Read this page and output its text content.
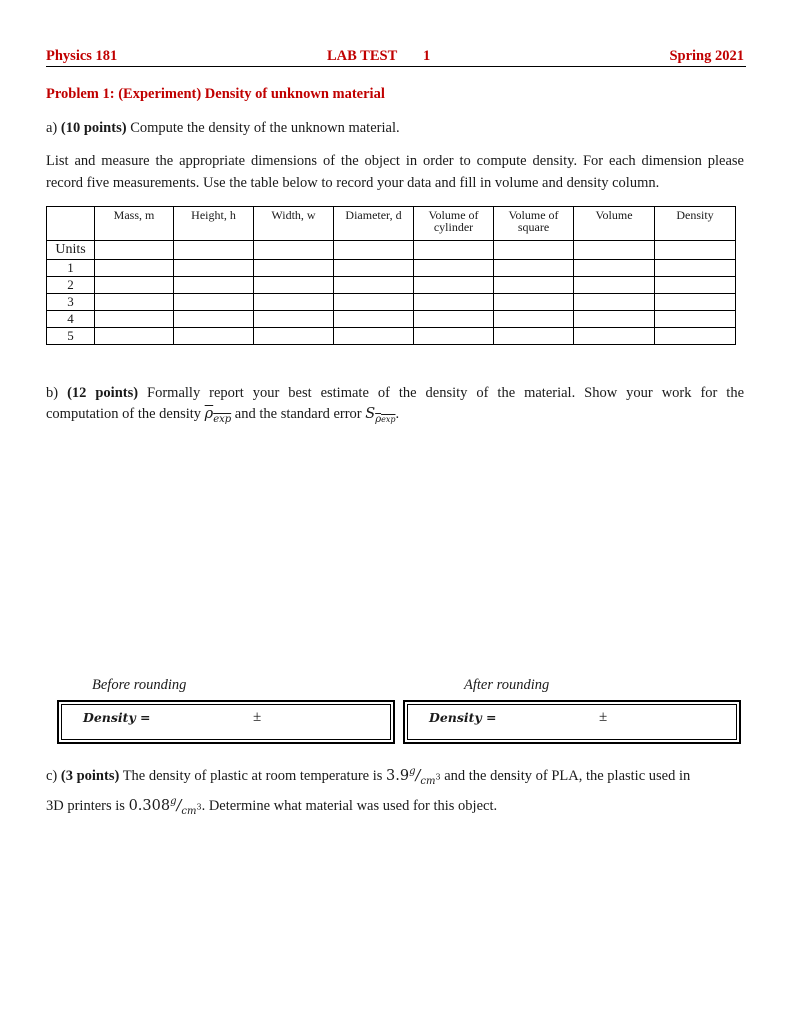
Physics 181	LAB TEST 1	Spring 2021
Problem 1: (Experiment) Density of unknown material
a) (10 points) Compute the density of the unknown material.
List and measure the appropriate dimensions of the object in order to compute density. For each dimension please
record five measurements. Use the table below to record your data and fill in volume and density column.
	Mass, m	Height, h	Width, w	Diameter, d	Volume of cylinder	Volume of square	Volume	Density
Units								
1								
2								
3								
4								
5								
b) (12 points) Formally report your best estimate of the density of the material. Show your work for the
computation of the density $\rho_{exp}$ and the standard error $S_{\rho exp}$.
Before rounding	After rounding
Density =	±	Density =	±
c) (3 points) The density of plastic at room temperature is $3.9^g/_{cm^3}$ and the density of PLA, the plastic used in
3D printers is $0.308^g/_{cm^3}$. Determine what material was used for this object.
